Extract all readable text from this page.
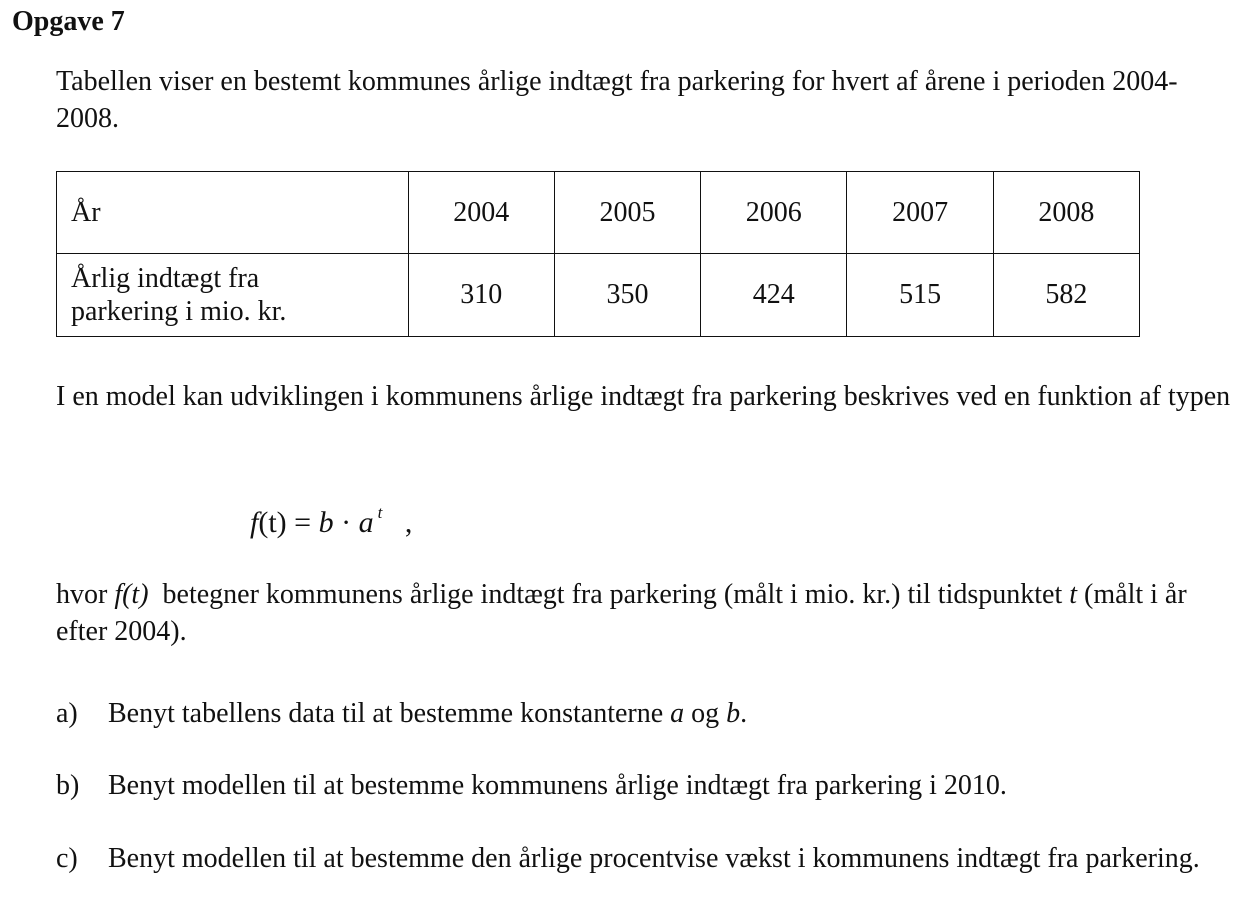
Opgave 7

Tabellen viser en bestemt kommunes årlige indtægt fra parkering for hvert af årene i perioden 2004-2008.

År	2004	2005	2006	2007	2008
Årlig indtægt fra
parkering i mio. kr.	310	350	424	515	582

I en model kan udviklingen i kommunens årlige indtægt fra parkering beskrives ved en funktion af typen

f(t) = b · a $^t$ ,

hvor f(t) betegner kommunens årlige indtægt fra parkering (målt i mio. kr.) til tidspunktet t (målt i år efter 2004).

a) Benyt tabellens data til at bestemme konstanterne a og b.

b) Benyt modellen til at bestemme kommunens årlige indtægt fra parkering i 2010.

c) Benyt modellen til at bestemme den årlige procentvise vækst i kommunens indtægt fra parkering.
